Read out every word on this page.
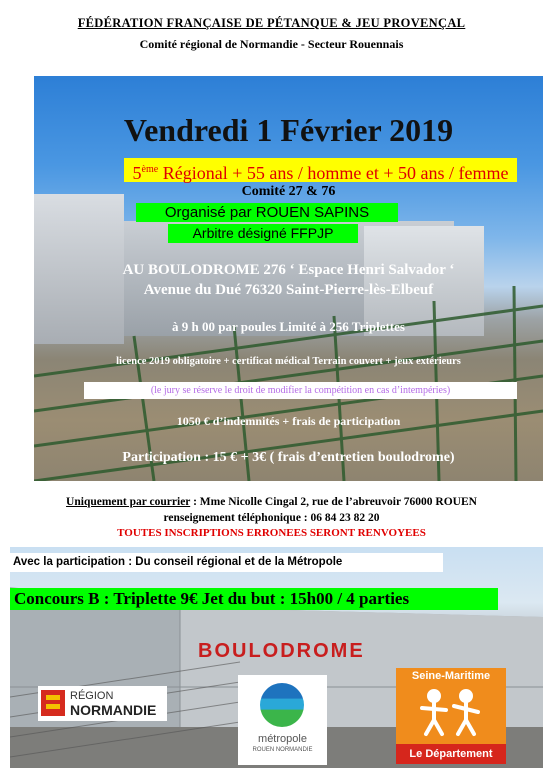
FÉDÉRATION FRANÇAISE DE PÉTANQUE & JEU PROVENÇAL
Comité régional de Normandie - Secteur Rouennais
Vendredi 1 Février 2019
5ème Régional + 55 ans / homme et + 50 ans / femme
Comité 27 & 76
Organisé par ROUEN SAPINS
Arbitre désigné FFPJP
AU BOULODROME 276 ‘ Espace Henri Salvador ‘
Avenue du Dué 76320 Saint-Pierre-lès-Elbeuf
à 9 h 00 par poules Limité à 256 Triplettes
licence 2019 obligatoire + certificat médical Terrain couvert + jeux extérieurs
(le jury se réserve le droit de modifier la compétition en cas d’intempéries)
1050 € d’indemnités + frais de participation
Participation : 15 € + 3€ ( frais d’entretien boulodrome)
Uniquement par courrier : Mme Nicolle Cingal 2, rue de l’abreuvoir 76000 ROUEN
renseignement téléphonique : 06 84 23 82 20
TOUTES INSCRIPTIONS ERRONEES SERONT RENVOYEES
Avec la participation : Du conseil régional et de la Métropole
Concours B : Triplette 9€ Jet du but : 15h00 / 4 parties
BOULODROME
RÉGION
NORMANDIE
métropole
ROUEN NORMANDIE
Seine-Maritime
Le Département
